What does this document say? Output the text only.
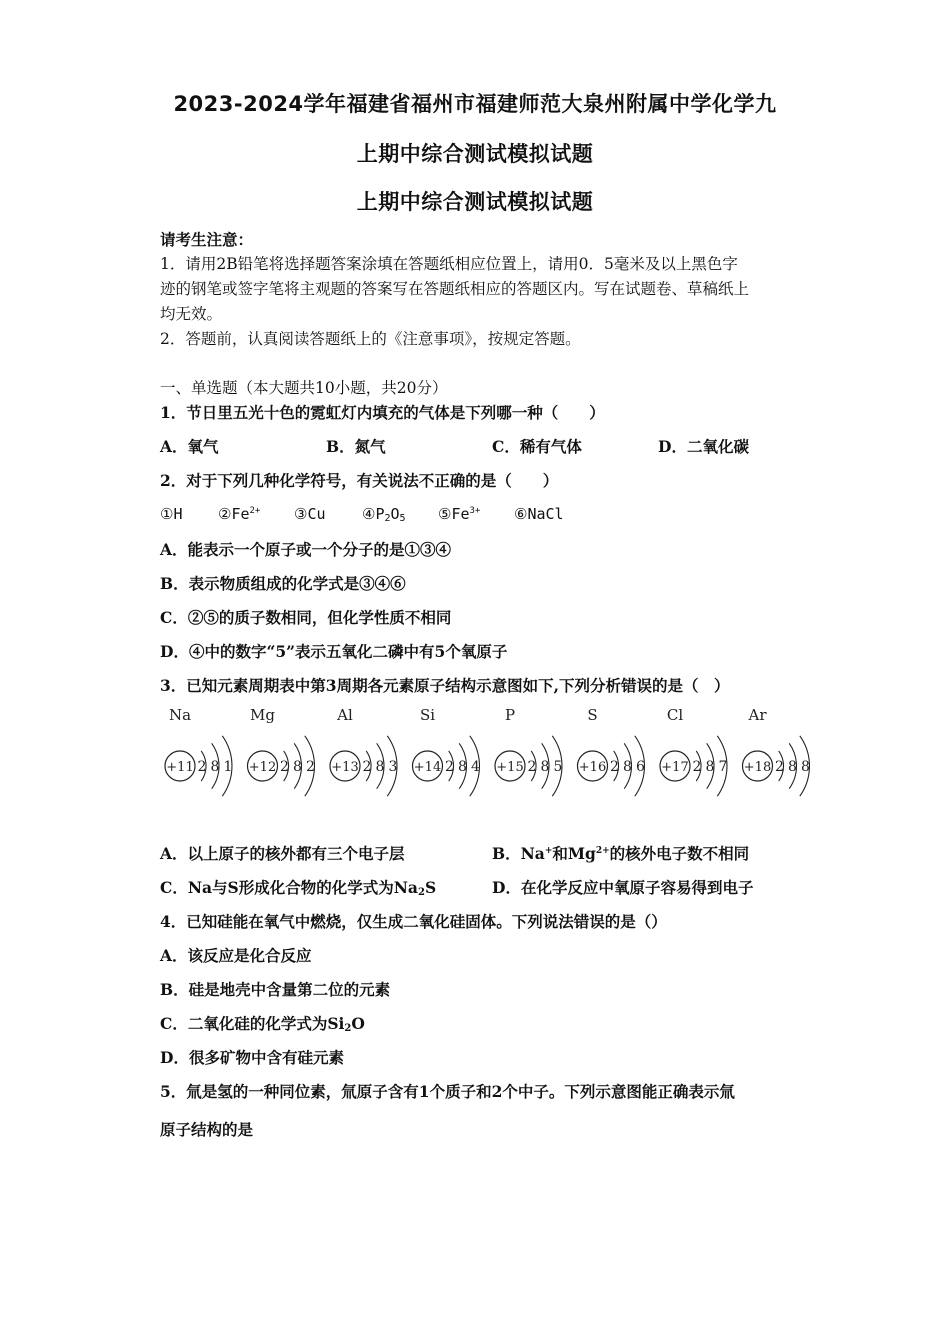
2023-2024学年福建省福州市福建师范大泉州附属中学化学九
上期中综合测试模拟试题
上期中综合测试模拟试题
请考生注意：
1．请用2B铅笔将选择题答案涂填在答题纸相应位置上，请用0．5毫米及以上黑色字
迹的钢笔或签字笔将主观题的答案写在答题纸相应的答题区内。写在试题卷、草稿纸上
均无效。
2．答题前，认真阅读答题纸上的《注意事项》，按规定答题。
一、单选题（本大题共10小题，共20分）
1．节日里五光十色的霓虹灯内填充的气体是下列哪一种（　　）
A．氧气	B．氮气	C．稀有气体	D．二氧化碳
2．对于下列几种化学符号，有关说法不正确的是（　　）
①H $②Fe^{2+}$ ③Cu $④P_2O_5$ $⑤Fe^{3+}$ ⑥NaCl
A．能表示一个原子或一个分子的是①③④
B．表示物质组成的化学式是③④⑥
C．②⑤的质子数相同，但化学性质不相同
D．④中的数字“5”表示五氧化二磷中有5个氧原子
3．已知元素周期表中第3周期各元素原子结构示意图如下,下列分析错误的是（　）
Na
+11 2 8 1
Mg
+12 2 8 2
Al
+13 2 8 3
Si
+14 2 8 4
P
+15 2 8 5
S
+16 2 8 6
Cl
+17 2 8 7
Ar
+18 2 8 8
A．以上原子的核外都有三个电子层	B．Na+和$Mg^{2+}$的核外电子数不相同
C．Na与S形成化合物的化学式为$Na_2S$	D．在化学反应中氧原子容易得到电子
4．已知硅能在氧气中燃烧，仅生成二氧化硅固体。下列说法错误的是（）
A．该反应是化合反应
B．硅是地壳中含量第二位的元素
C．二氧化硅的化学式为$Si_2O$
D．很多矿物中含有硅元素
5．氚是氢的一种同位素，氚原子含有1个质子和2个中子。下列示意图能正确表示氚
原子结构的是
